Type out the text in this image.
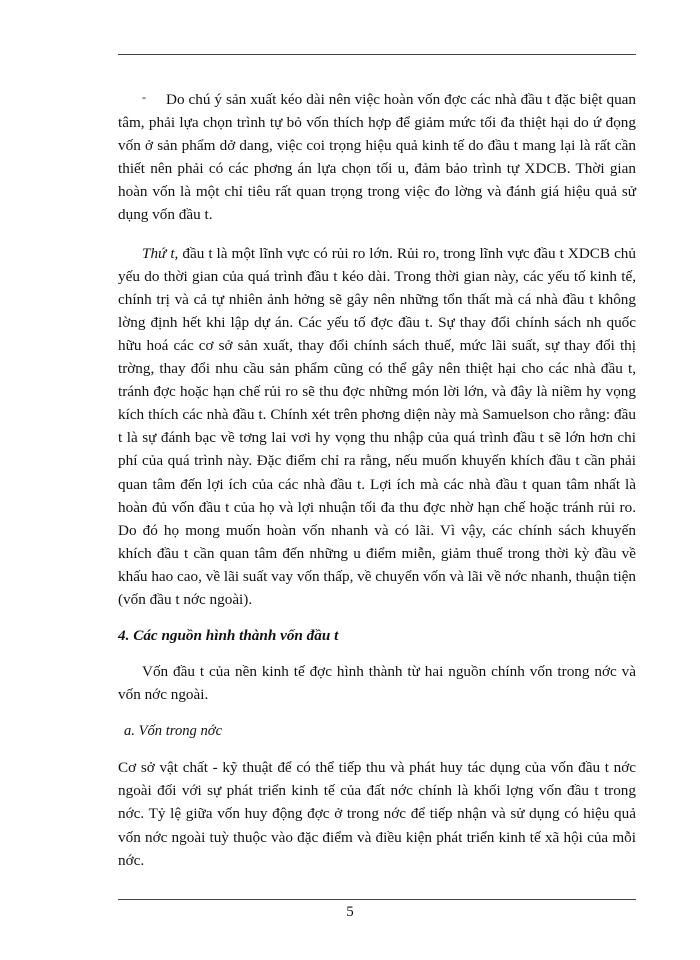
- Do chú ý sản xuất kéo dài nên việc hoàn vốn đợc các nhà đầu t đặc biệt quan tâm, phải lựa chọn trình tự bỏ vốn thích hợp để giảm mức tối đa thiệt hại do ứ đọng vốn ở sản phẩm dở dang, việc coi trọng hiệu quả kinh tế do đầu t mang lại là rất cần thiết nên phải có các phơng án lựa chọn tối u, đảm bảo trình tự XDCB. Thời gian hoàn vốn là một chỉ tiêu rất quan trọng trong việc đo lờng và đánh giá hiệu quả sử dụng vốn đầu t.

Thứ t, đầu t là một lĩnh vực có rủi ro lớn. Rủi ro, trong lĩnh vực đầu t XDCB chủ yếu do thời gian của quá trình đầu t kéo dài. Trong thời gian này, các yếu tố kinh tế, chính trị và cả tự nhiên ảnh hởng sẽ gây nên những tổn thất mà cá nhà đầu t không lờng định hết khi lập dự án. Các yếu tố đợc đầu t. Sự thay đổi chính sách nh quốc hữu hoá các cơ sở sản xuất, thay đổi chính sách thuế, mức lãi suất, sự thay đổi thị trờng, thay đổi nhu cầu sản phẩm cũng có thể gây nên thiệt hại cho các nhà đầu t, tránh đợc hoặc hạn chế rủi ro sẽ thu đợc những món lời lớn, và đây là niềm hy vọng kích thích các nhà đầu t. Chính xét trên phơng diện này mà Samuelson cho rằng: đầu t là sự đánh bạc về tơng lai vơi hy vọng thu nhập của quá trình đầu t sẽ lớn hơn chi phí của quá trình này. Đặc điểm chỉ ra rằng, nếu muốn khuyến khích đầu t cần phải quan tâm đến lợi ích của các nhà đầu t. Lợi ích mà các nhà đầu t quan tâm nhất là hoàn đủ vốn đầu t của họ và lợi nhuận tối đa thu đợc nhờ hạn chế hoặc tránh rủi ro. Do đó họ mong muốn hoàn vốn nhanh và có lãi. Vì vậy, các chính sách khuyến khích đầu t cần quan tâm đến những u điểm miễn, giảm thuế trong thời kỳ đầu về khấu hao cao, về lãi suất vay vốn thấp, về chuyển vốn và lãi về nớc nhanh, thuận tiện (vốn đầu t nớc ngoài).

4. Các nguồn hình thành vốn đầu t

Vốn đầu t của nền kinh tế đợc hình thành từ hai nguồn chính vốn trong nớc và vốn nớc ngoài.

a. Vốn trong nớc

Cơ sở vật chất - kỹ thuật để có thể tiếp thu và phát huy tác dụng của vốn đầu t nớc ngoài đối với sự phát triển kinh tế của đất nớc chính là khối lợng vốn đầu t trong nớc. Tỷ lệ giữa vốn huy động đợc ở trong nớc để tiếp nhận và sử dụng có hiệu quả vốn nớc ngoài tuỳ thuộc vào đặc điểm và điều kiện phát triển kinh tế xã hội của mỗi nớc.

5
